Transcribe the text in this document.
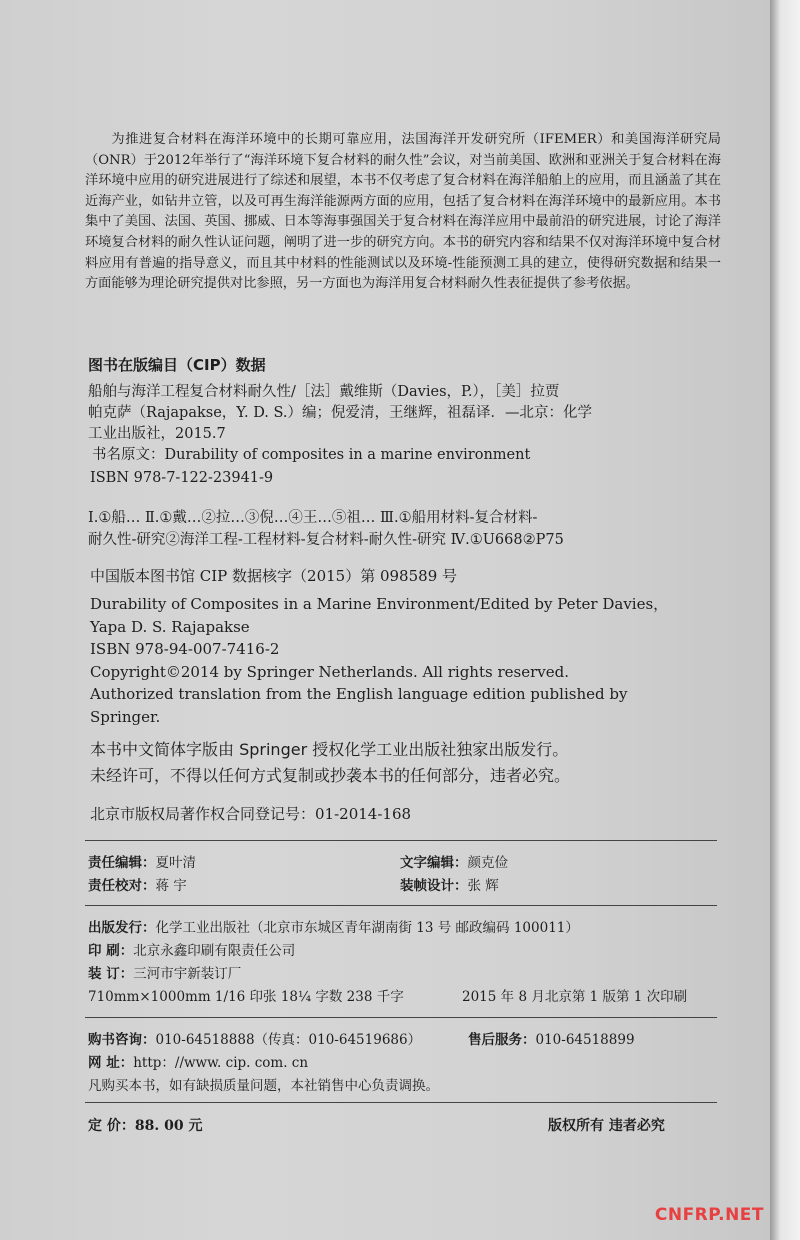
为推进复合材料在海洋环境中的长期可靠应用，法国海洋开发研究所（IFEMER）和美国海洋研究局（ONR）于2012年举行了“海洋环境下复合材料的耐久性”会议，对当前美国、欧洲和亚洲关于复合材料在海洋环境中应用的研究进展进行了综述和展望，本书不仅考虑了复合材料在海洋船舶上的应用，而且涵盖了其在近海产业，如钻井立管，以及可再生海洋能源两方面的应用，包括了复合材料在海洋环境中的最新应用。本书集中了美国、法国、英国、挪威、日本等海事强国关于复合材料在海洋应用中最前沿的研究进展，讨论了海洋环境复合材料的耐久性认证问题，阐明了进一步的研究方向。本书的研究内容和结果不仅对海洋环境中复合材料应用有普遍的指导意义，而且其中材料的性能测试以及环境-性能预测工具的建立，使得研究数据和结果一方面能够为理论研究提供对比参照，另一方面也为海洋用复合材料耐久性表征提供了参考依据。
图书在版编目（CIP）数据

船舶与海洋工程复合材料耐久性/［法］戴维斯（Davies，P.），［美］拉贾

帕克萨（Rajapakse，Y. D. S.）编；倪爱清，王继辉，祖磊译．—北京：化学

工业出版社，2015.7

书名原文：Durability of composites in a marine environment

ISBN 978-7-122-23941-9
Ⅰ.①船… Ⅱ.①戴…②拉…③倪…④王…⑤祖… Ⅲ.①船用材料-复合材料-
耐久性-研究②海洋工程-工程材料-复合材料-耐久性-研究 Ⅳ.①U668②P75
中国版本图书馆 CIP 数据核字（2015）第 098589 号

Durability of Composites in a Marine Environment/Edited by Peter Davies，

Yapa D. S. Rajapakse

ISBN 978-94-007-7416-2

Copyright©2014 by Springer Netherlands. All rights reserved.

Authorized translation from the English language edition published by

Springer.

本书中文简体字版由 Springer 授权化学工业出版社独家出版发行。

未经许可，不得以任何方式复制或抄袭本书的任何部分，违者必究。

北京市版权局著作权合同登记号：01-2014-168
责任编辑：夏叶清	文字编辑：颜克俭
责任校对：蒋 宇	装帧设计：张 辉
出版发行：化学工业出版社（北京市东城区青年湖南街 13 号 邮政编码 100011）
印 刷：北京永鑫印刷有限责任公司
装 订：三河市宇新装订厂
710mm×1000mm 1/16 印张 18¼ 字数 238 千字	2015 年 8 月北京第 1 版第 1 次印刷
购书咨询：010-64518888（传真：010-64519686）	售后服务：010-64518899
网 址：http：//www. cip. com. cn
凡购买本书，如有缺损质量问题，本社销售中心负责调换。
定 价：88. 00 元	版权所有 违者必究
CNFRP.NET
